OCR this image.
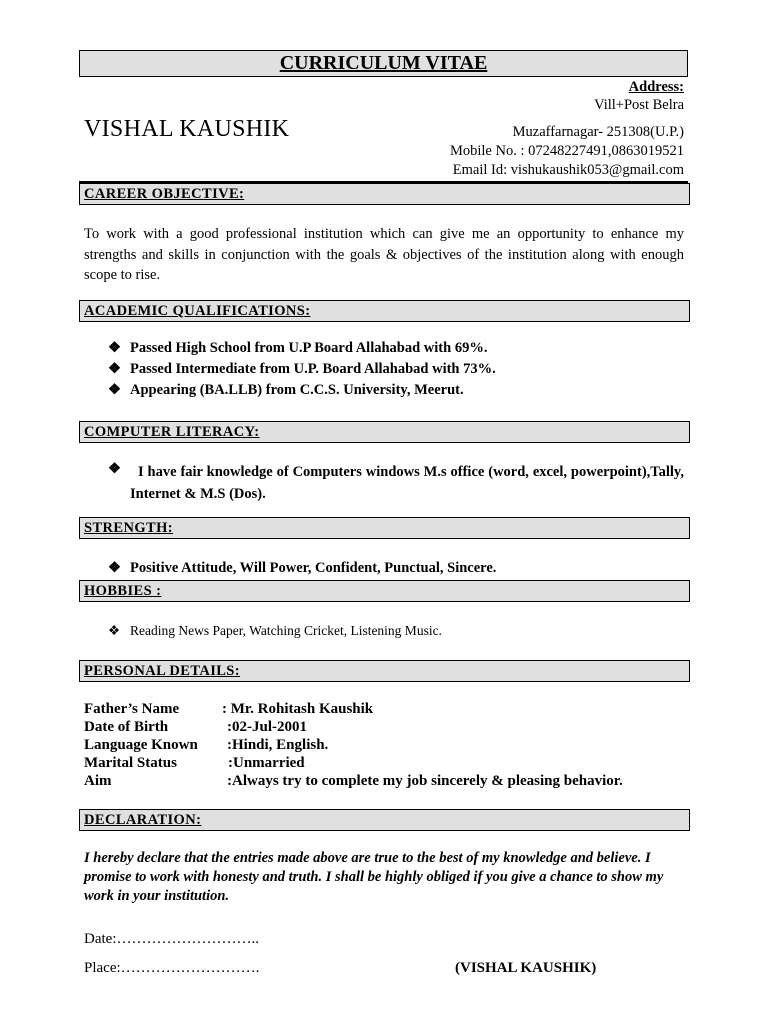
CURRICULUM VITAE
Address:
Vill+Post Belra
Muzaffarnagar- 251308(U.P.)
Mobile No. : 07248227491,0863019521
Email Id: vishukaushik053@gmail.com
VISHAL KAUSHIK
CAREER OBJECTIVE:
To work with a good professional institution which can give me an opportunity to enhance my strengths and skills in conjunction with the goals & objectives of the institution along with enough scope to rise.
ACADEMIC QUALIFICATIONS:
❖ Passed High School from U.P Board Allahabad with 69%.
❖ Passed Intermediate from U.P. Board Allahabad with 73%.
❖ Appearing (BA.LLB) from C.C.S. University, Meerut.
COMPUTER LITERACY:
❖	I have fair knowledge of Computers windows M.s office (word, excel, powerpoint),Tally, Internet & M.S (Dos).
STRENGTH:
❖ Positive Attitude, Will Power, Confident, Punctual, Sincere.
HOBBIES :
❖ Reading News Paper, Watching Cricket, Listening Music.
PERSONAL DETAILS:
Father’s Name	: Mr. Rohitash Kaushik
Date of Birth	:02-Jul-2001
Language Known :Hindi, English.
Marital Status	:Unmarried
Aim	:Always try to complete my job sincerely & pleasing behavior.
DECLARATION:
I hereby declare that the entries made above are true to the best of my knowledge and believe. I promise to work with honesty and truth. I shall be highly obliged if you give a chance to show my work in your institution.
Date:………………………..
Place:……………………….	(VISHAL KAUSHIK)
